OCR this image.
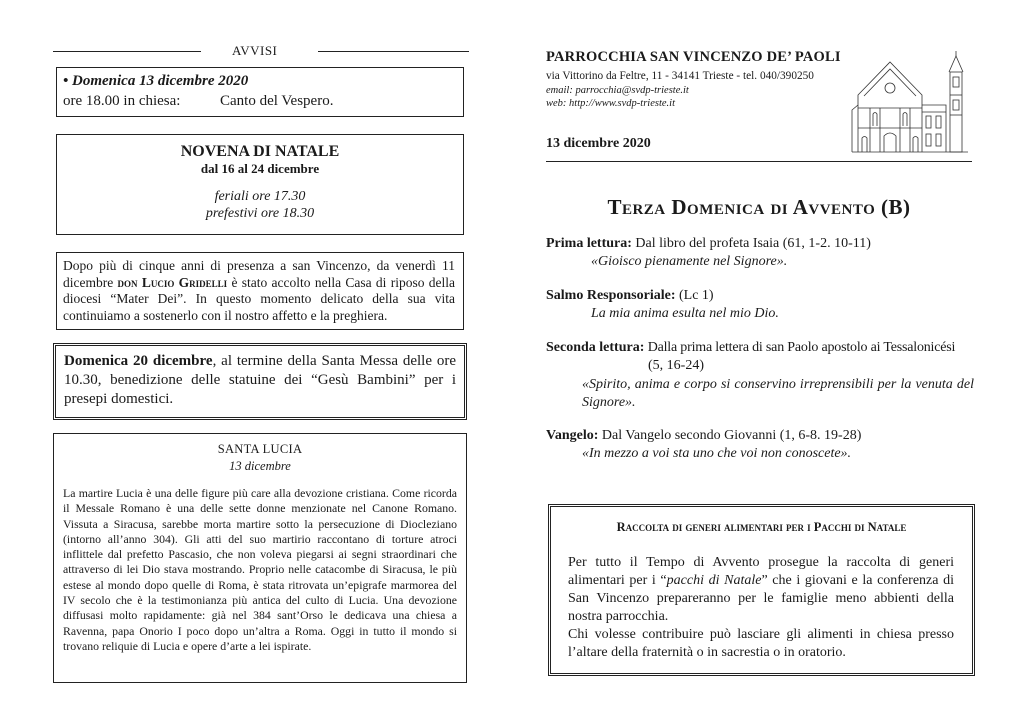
AVVISI
• Domenica 13 dicembre 2020
ore 18.00 in chiesa:	Canto del Vespero.
NOVENA DI NATALE
dal 16 al 24 dicembre
feriali ore 17.30
prefestivi ore 18.30

Dopo più di cinque anni di presenza a san Vincenzo, da venerdì 11 dicembre don Lucio Gridelli è stato accolto nella Casa di riposo della diocesi “Mater Dei”. In questo momento delicato della sua vita continuiamo a sostenerlo con il nostro affetto e la preghiera.

Domenica 20 dicembre, al termine della Santa Messa delle ore 10.30, benedizione delle statuine dei “Gesù Bambini” per i presepi domestici.

SANTA LUCIA
13 dicembre

La martire Lucia è una delle figure più care alla devozione cristiana. Come ricorda il Messale Romano è una delle sette donne menzionate nel Canone Romano. Vissuta a Siracusa, sarebbe morta martire sotto la persecuzione di Diocleziano (intorno all’anno 304). Gli atti del suo martirio raccontano di torture atroci inflittele dal prefetto Pascasio, che non voleva piegarsi ai segni straordinari che attraverso di lei Dio stava mostrando. Proprio nelle catacombe di Siracusa, le più estese al mondo dopo quelle di Roma, è stata ritrovata un’epigrafe marmorea del IV secolo che è la testimonianza più antica del culto di Lucia. Una devozione diffusasi molto rapidamente: già nel 384 sant’Orso le dedicava una chiesa a Ravenna, papa Onorio I poco dopo un’altra a Roma. Oggi in tutto il mondo si trovano reliquie di Lucia e opere d’arte a lei ispirate.

PARROCCHIA SAN VINCENZO DE’ PAOLI
via Vittorino da Feltre, 11 - 34141 Trieste - tel. 040/390250
email: parrocchia@svdp-trieste.it
web: http://www.svdp-trieste.it
13 dicembre 2020
Terza Domenica di Avvento (B)
Prima lettura: Dal libro del profeta Isaia (61, 1-2. 10-11)
«Gioisco pienamente nel Signore».
Salmo Responsoriale: (Lc 1)
La mia anima esulta nel mio Dio.
Seconda lettura: Dalla prima lettera di san Paolo apostolo ai Tessalonicési
(5, 16-24)
«Spirito, anima e corpo si conservino irreprensibili per la venuta del Signore».
Vangelo: Dal Vangelo secondo Giovanni (1, 6-8. 19-28)
«In mezzo a voi sta uno che voi non conoscete».
Raccolta di generi alimentari per i Pacchi di Natale

Per tutto il Tempo di Avvento prosegue la raccolta di generi alimentari per i “pacchi di Natale” che i giovani e la conferenza di San Vincenzo prepareranno per le famiglie meno abbienti della nostra parrocchia.

Chi volesse contribuire può lasciare gli alimenti in chiesa presso l’altare della fraternità o in sacrestia o in oratorio.
